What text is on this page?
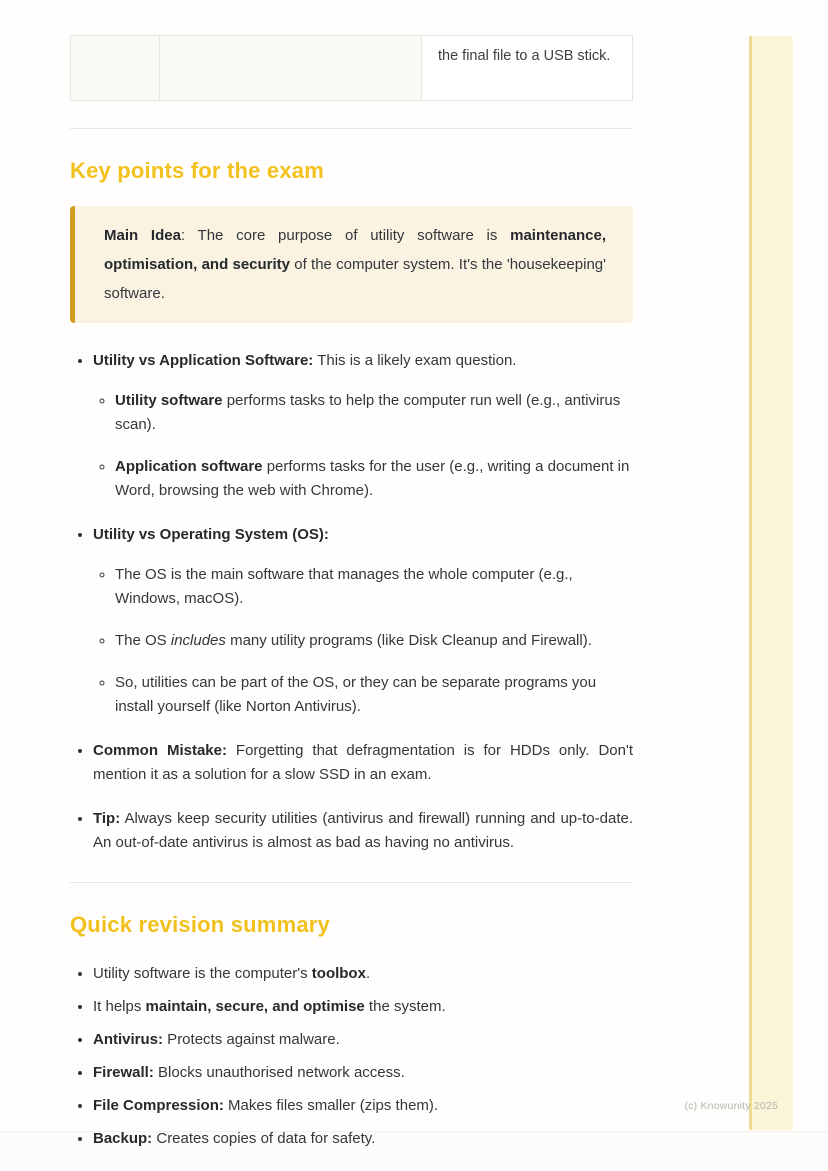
the final file to a USB stick.
Key points for the exam
Main Idea: The core purpose of utility software is maintenance, optimisation, and security of the computer system. It's the 'housekeeping' software.

• Utility vs Application Software: This is a likely exam question.

◦ Utility software performs tasks to help the computer run well (e.g., antivirus scan).

◦ Application software performs tasks for the user (e.g., writing a document in Word, browsing the web with Chrome).

• Utility vs Operating System (OS):

◦ The OS is the main software that manages the whole computer (e.g., Windows, macOS).

◦ The OS includes many utility programs (like Disk Cleanup and Firewall).

◦ So, utilities can be part of the OS, or they can be separate programs you install yourself (like Norton Antivirus).

• Common Mistake: Forgetting that defragmentation is for HDDs only. Don't mention it as a solution for a slow SSD in an exam.

• Tip: Always keep security utilities (antivirus and firewall) running and up-to-date. An out-of-date antivirus is almost as bad as having no antivirus.

Quick revision summary

• Utility software is the computer's toolbox.

• It helps maintain, secure, and optimise the system.

• Antivirus: Protects against malware.

• Firewall: Blocks unauthorised network access.

• File Compression: Makes files smaller (zips them).

• Backup: Creates copies of data for safety.

(c) Knowunity 2025
